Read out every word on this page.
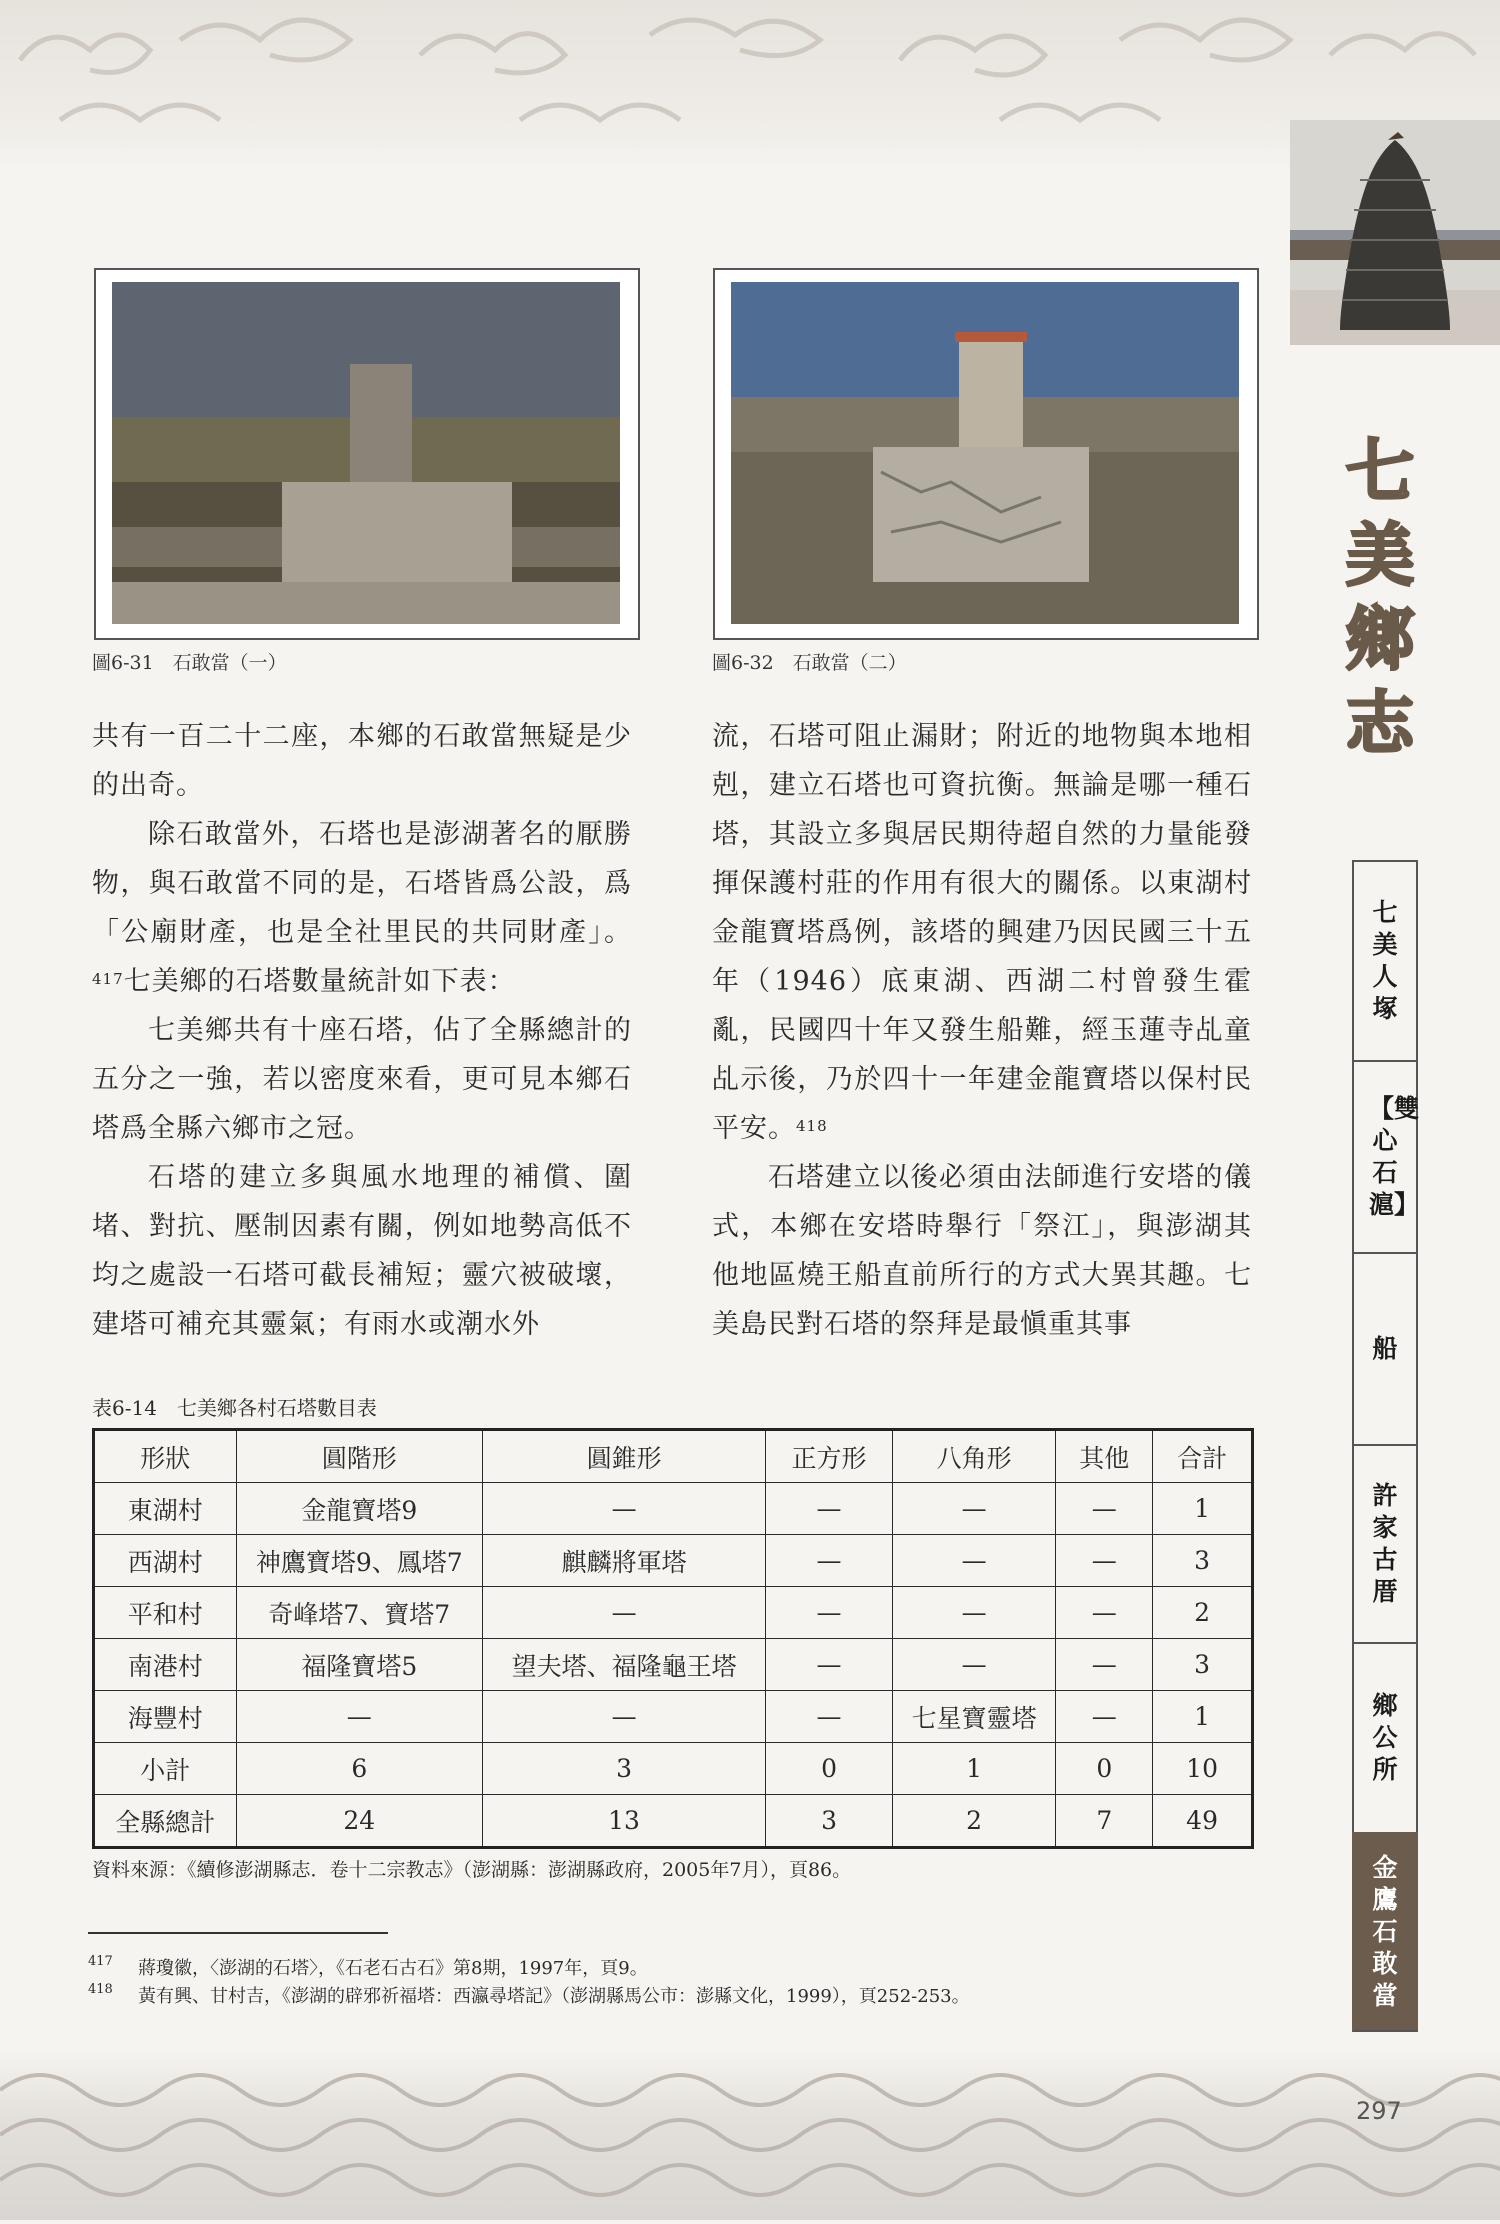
圖6-31　石敢當（一）	圖6-32　石敢當（二）

共有一百二十二座，本鄉的石敢當無疑是少的出奇。

除石敢當外，石塔也是澎湖著名的厭勝物，與石敢當不同的是，石塔皆爲公設，爲「公廟財產，也是全社里民的共同財產」。$^{417}$七美鄉的石塔數量統計如下表：

七美鄉共有十座石塔，佔了全縣總計的五分之一強，若以密度來看，更可見本鄉石塔爲全縣六鄉市之冠。

石塔的建立多與風水地理的補償、圍堵、對抗、壓制因素有關，例如地勢高低不均之處設一石塔可截長補短；靈穴被破壞，建塔可補充其靈氣；有雨水或潮水外

流，石塔可阻止漏財；附近的地物與本地相剋，建立石塔也可資抗衡。無論是哪一種石塔，其設立多與居民期待超自然的力量能發揮保護村莊的作用有很大的關係。以東湖村金龍寶塔爲例，該塔的興建乃因民國三十五年（1946）底東湖、西湖二村曾發生霍亂，民國四十年又發生船難，經玉蓮寺乩童乩示後，乃於四十一年建金龍寶塔以保村民平安。$^{418}$

石塔建立以後必須由法師進行安塔的儀式，本鄉在安塔時舉行「祭江」，與澎湖其他地區燒王船直前所行的方式大異其趣。七美島民對石塔的祭拜是最愼重其事

表6-14　七美鄉各村石塔數目表
形狀	圓階形	圓錐形	正方形	八角形	其他	合計
東湖村	金龍寶塔9	—	—	—	—	1
西湖村	神鷹寶塔9、鳳塔7	麒麟將軍塔	—	—	—	3
平和村	奇峰塔7、寶塔7	—	—	—	—	2
南港村	福隆寶塔5	望夫塔、福隆龜王塔	—	—	—	3
海豐村	—	—	—	七星寶靈塔	—	1
小計	6	3	0	1	0	10
全縣總計	24	13	3	2	7	49
資料來源：《續修澎湖縣志．卷十二宗教志》（澎湖縣：澎湖縣政府，2005年7月），頁86。
417 蔣瓊徽，〈澎湖的石塔〉，《石老石古石》第8期，1997年，頁9。
418 黃有興、甘村吉，《澎湖的辟邪祈福塔：西瀛尋塔記》（澎湖縣馬公市：澎縣文化，1999），頁252-253。
七美鄉志
七美人塚
【雙心石滬】
船
許家古厝
鄉公所
金鷹石敢當
297
